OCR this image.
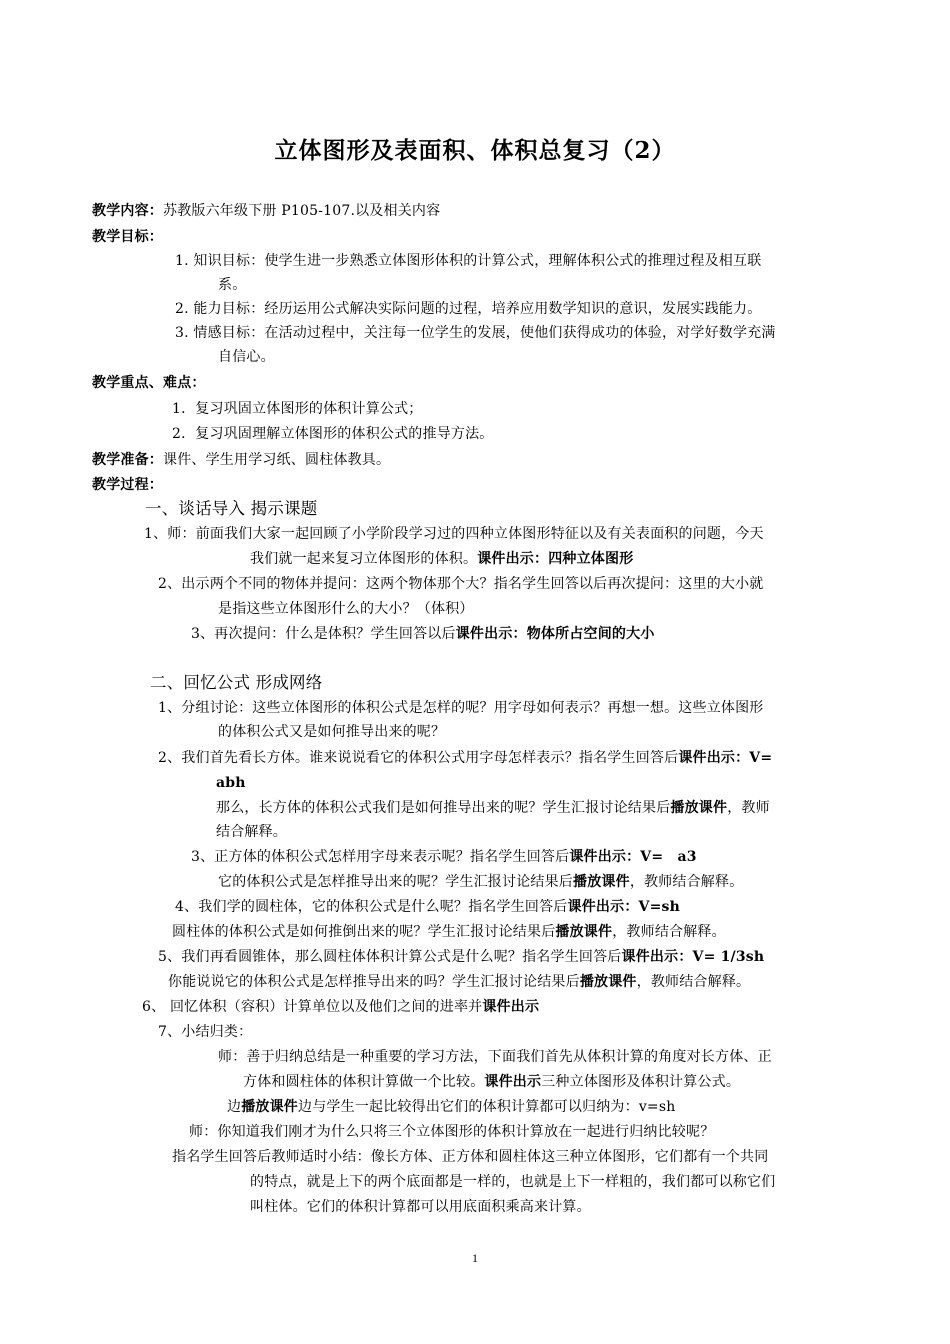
立体图形及表面积、体积总复习（2）
教学内容：苏教版六年级下册 P105-107.以及相关内容
教学目标：
1. 知识目标：使学生进一步熟悉立体图形体积的计算公式，理解体积公式的推理过程及相互联
系。
2. 能力目标：经历运用公式解决实际问题的过程，培养应用数学知识的意识，发展实践能力。
3. 情感目标：在活动过程中，关注每一位学生的发展，使他们获得成功的体验，对学好数学充满
自信心。
教学重点、难点：
1．复习巩固立体图形的体积计算公式；
2．复习巩固理解立体图形的体积公式的推导方法。
教学准备：课件、学生用学习纸、圆柱体教具。
教学过程：
一、谈话导入 揭示课题
1、师：前面我们大家一起回顾了小学阶段学习过的四种立体图形特征以及有关表面积的问题，今天
我们就一起来复习立体图形的体积。课件出示：四种立体图形
2、出示两个不同的物体并提问：这两个物体那个大？指名学生回答以后再次提问：这里的大小就
是指这些立体图形什么的大小？（体积）
3、再次提问：什么是体积？学生回答以后课件出示：物体所占空间的大小
二、回忆公式 形成网络
1、分组讨论：这些立体图形的体积公式是怎样的呢？用字母如何表示？再想一想。这些立体图形
的体积公式又是如何推导出来的呢？
2、我们首先看长方体。谁来说说看它的体积公式用字母怎样表示？指名学生回答后课件出示：V=
abh
那么，长方体的体积公式我们是如何推导出来的呢？学生汇报讨论结果后播放课件，教师
结合解释。
3、正方体的体积公式怎样用字母来表示呢？指名学生回答后课件出示：V=　a3
它的体积公式是怎样推导出来的呢？学生汇报讨论结果后播放课件，教师结合解释。
4、我们学的圆柱体，它的体积公式是什么呢？指名学生回答后课件出示：V=sh
圆柱体的体积公式是如何推倒出来的呢？学生汇报讨论结果后播放课件，教师结合解释。
5、我们再看圆锥体，那么圆柱体体积计算公式是什么呢？指名学生回答后课件出示：V= 1/3sh
你能说说它的体积公式是怎样推导出来的吗？学生汇报讨论结果后播放课件，教师结合解释。
6、 回忆体积（容积）计算单位以及他们之间的进率并课件出示
7、小结归类：
师：善于归纳总结是一种重要的学习方法，下面我们首先从体积计算的角度对长方体、正
方体和圆柱体的体积计算做一个比较。课件出示三种立体图形及体积计算公式。
边播放课件边与学生一起比较得出它们的体积计算都可以归纳为：v=sh
师：你知道我们刚才为什么只将三个立体图形的体积计算放在一起进行归纳比较呢？
指名学生回答后教师适时小结：像长方体、正方体和圆柱体这三种立体图形，它们都有一个共同
的特点，就是上下的两个底面都是一样的，也就是上下一样粗的，我们都可以称它们
叫柱体。它们的体积计算都可以用底面积乘高来计算。
1
